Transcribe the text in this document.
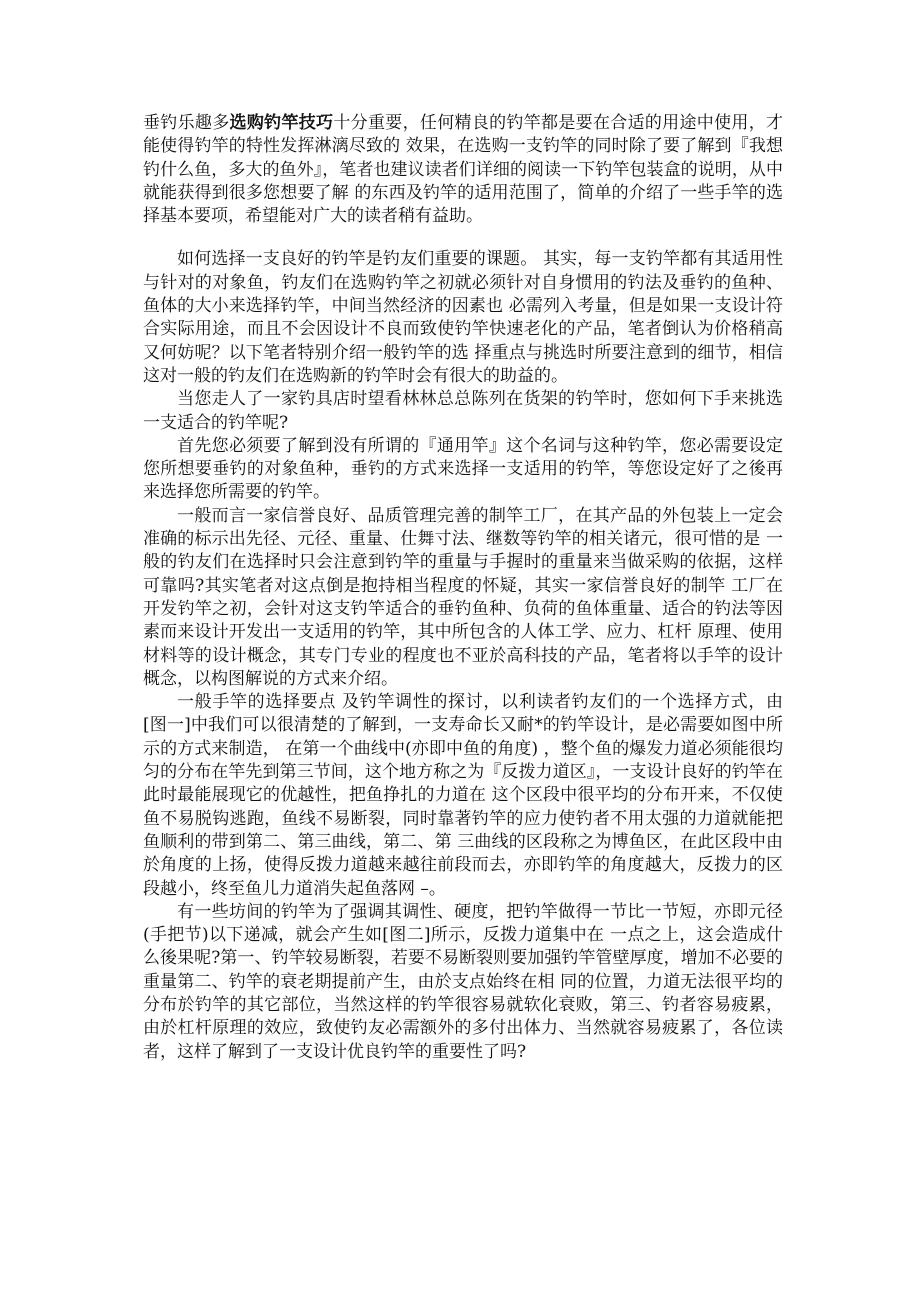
垂钓乐趣多选购钓竿技巧十分重要，任何精良的钓竿都是要在合适的用途中使用，才能使得钓竿的特性发挥淋漓尽致的 效果，在选购一支钓竿的同时除了要了解到『我想钓什么鱼，多大的鱼外』，笔者也建议读者们详细的阅读一下钓竿包装盒的说明，从中就能获得到很多您想要了解 的东西及钓竿的适用范围了，简单的介绍了一些手竿的选择基本要项，希望能对广大的读者稍有益助。

如何选择一支良好的钓竿是钓友们重要的课题。 其实，每一支钓竿都有其适用性与针对的对象鱼，钓友们在选购钓竿之初就必须针对自身惯用的钓法及垂钓的鱼种、鱼体的大小来选择钓竿，中间当然经济的因素也 必需列入考量，但是如果一支设计符合实际用途，而且不会因设计不良而致使钓竿快速老化的产品，笔者倒认为价格稍高又何妨呢？以下笔者特别介绍一般钓竿的选 择重点与挑选时所要注意到的细节，相信这对一般的钓友们在选购新的钓竿时会有很大的助益的。

当您走人了一家钓具店时望看林林总总陈列在货架的钓竿时，您如何下手来挑选一支适合的钓竿呢?

首先您必须要了解到没有所谓的『通用竿』这个名词与这种钓竿，您必需要设定您所想要垂钓的对象鱼种，垂钓的方式来选择一支适用的钓竿，等您设定好了之後再来选择您所需要的钓竿。

一般而言一家信誉良好、品质管理完善的制竿工厂，在其产品的外包装上一定会准确的标示出先径、元径、重量、仕舞寸法、继数等钓竿的相关诸元，很可惜的是 一般的钓友们在选择时只会注意到钓竿的重量与手握时的重量来当做采购的依据，这样可靠吗?其实笔者对这点倒是抱持相当程度的怀疑，其实一家信誉良好的制竿 工厂在开发钓竿之初，会针对这支钓竿适合的垂钓鱼种、负荷的鱼体重量、适合的钓法等因素而来设计开发出一支适用的钓竿，其中所包含的人体工学、应力、杠杆 原理、使用材料等的设计概念，其专门专业的程度也不亚於高科技的产品，笔者将以手竿的设计概念，以构图解说的方式来介绍。

一般手竿的选择要点 及钓竿调性的探讨，以利读者钓友们的一个选择方式，由[图一]中我们可以很清楚的了解到，一支寿命长又耐*的钓竿设计，是必需要如图中所示的方式来制造， 在第一个曲线中(亦即中鱼的角度) ，整个鱼的爆发力道必须能很均匀的分布在竿先到第三节间，这个地方称之为『反拨力道区』，一支设计良好的钓竿在此时最能展现它的优越性，把鱼挣扎的力道在 这个区段中很平均的分布开来，不仅使鱼不易脱钩逃跑，鱼线不易断裂，同时靠著钓竿的应力使钓者不用太强的力道就能把鱼顺利的带到第二、第三曲线，第二、第 三曲线的区段称之为博鱼区，在此区段中由於角度的上扬，使得反拨力道越来越往前段而去，亦即钓竿的角度越大，反拨力的区段越小，终至鱼儿力道消失起鱼落网 –。

有一些坊间的钓竿为了强调其调性、硬度，把钓竿做得一节比一节短，亦即元径(手把节)以下递减，就会产生如[图二]所示，反拨力道集中在 一点之上，这会造成什么後果呢?第一、钓竿较易断裂，若要不易断裂则要加强钓竿管壁厚度，增加不必要的重量第二、钓竿的衰老期提前产生，由於支点始终在相 同的位置，力道无法很平均的分布於钓竿的其它部位，当然这样的钓竿很容易就软化衰败，第三、钓者容易疲累，由於杠杆原理的效应，致使钓友必需额外的多付出体力、当然就容易疲累了，各位读者，这样了解到了一支设计优良钓竿的重要性了吗?
